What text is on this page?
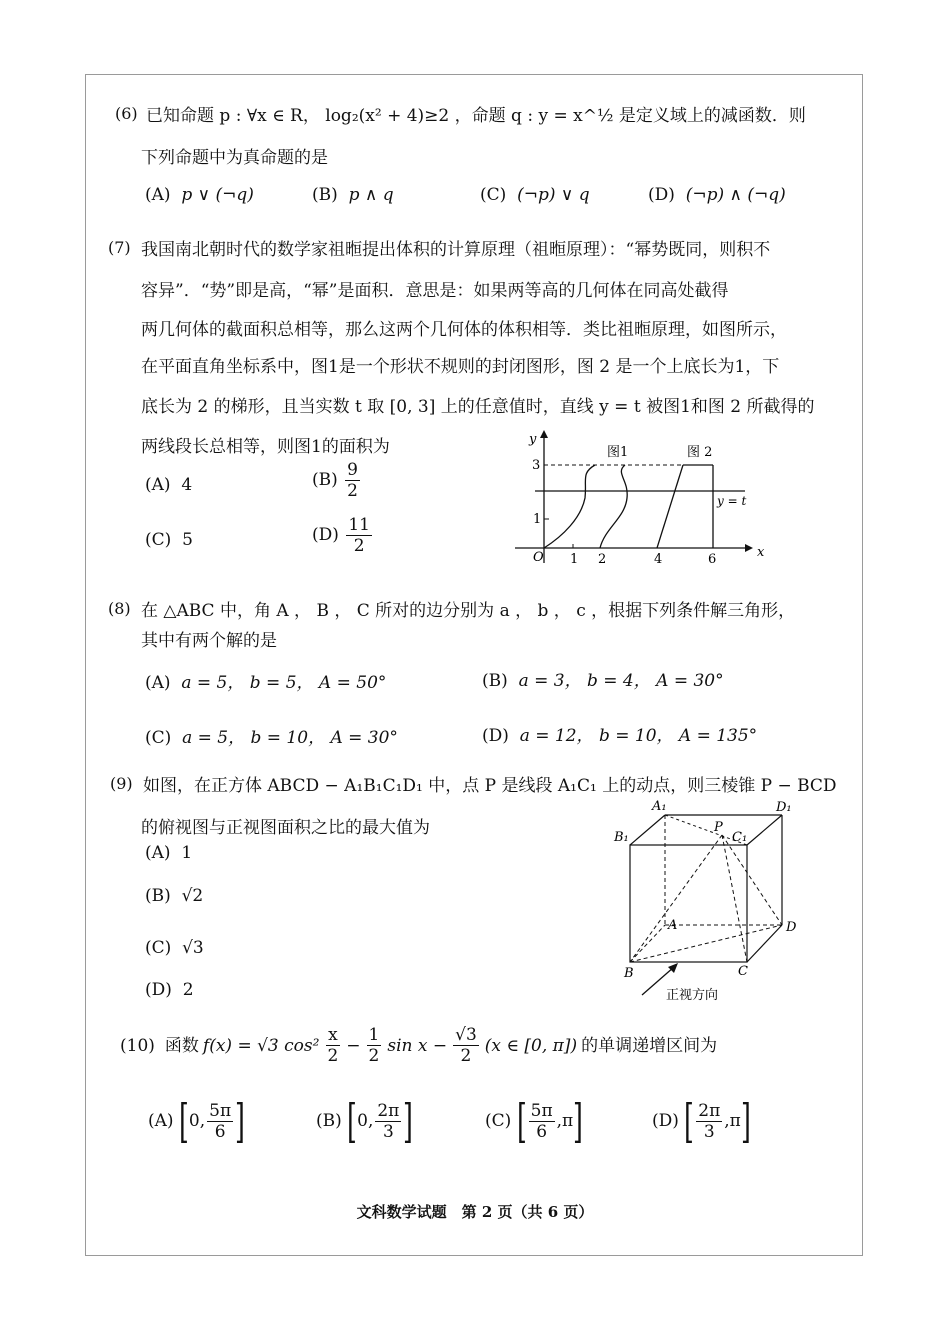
(6) 已知命题 p : ∀x ∈ R， log₂(x² + 4)≥2 ，命题 q : y = x^½ 是定义域上的减函数．则
下列命题中为真命题的是
(A) p ∨ (¬q)	(B) p ∧ q	(C) (¬p) ∨ q	(D) (¬p) ∧ (¬q)
(7) 我国南北朝时代的数学家祖暅提出体积的计算原理（祖暅原理）：“幂势既同，则积不
容异”．“势”即是高，“幂”是面积．意思是：如果两等高的几何体在同高处截得
两几何体的截面积总相等，那么这两个几何体的体积相等．类比祖暅原理，如图所示，
在平面直角坐标系中，图1是一个形状不规则的封闭图形，图 2 是一个上底长为1，下
底长为 2 的梯形，且当实数 t 取 [0, 3] 上的任意值时，直线 y = t 被图1和图 2 所截得的
两线段长总相等，则图1的面积为
(A) 4	$(B) \frac{9}{2}$
(C) 5	$(D) \frac{11}{2}$
y
x
O
3
1
1 2	4	6
y = t
图1	图 2
(8) 在 △ABC 中，角 A ， B ， C 所对的边分别为 a ， b ， c ，根据下列条件解三角形，
其中有两个解的是
(A) a = 5， b = 5， A = 50°	(B) a = 3， b = 4， A = 30°
(C) a = 5， b = 10， A = 30°	(D) a = 12， b = 10， A = 135°
(9) 如图，在正方体 ABCD − A₁B₁C₁D₁ 中，点 P 是线段 A₁C₁ 上的动点，则三棱锥 P − BCD
的俯视图与正视图面积之比的最大值为
(A) 1
(B) √2
(C) √3
(D) 2
A₁	D₁
B₁
P
C₁
A	D
B	C
正视方向
(10) 函数 f(x) = √3 $\cos^2 \frac{x}{2} - \frac{1}{2}$ $\sin x - \frac{√3}{2} (x$ ∈ [0, π]) 的单调递增区间为
(A)
[ 0, $\frac{5\pi}{6}$ ]	(B)
[ 0, $\frac{2\pi}{3}$ ]	(C)
[ $\frac{5\pi}{6} ,\pi$ ]	(D)
[ $\frac{2\pi}{3} ,\pi$ ]
文科数学试题　第 2 页（共 6 页）
